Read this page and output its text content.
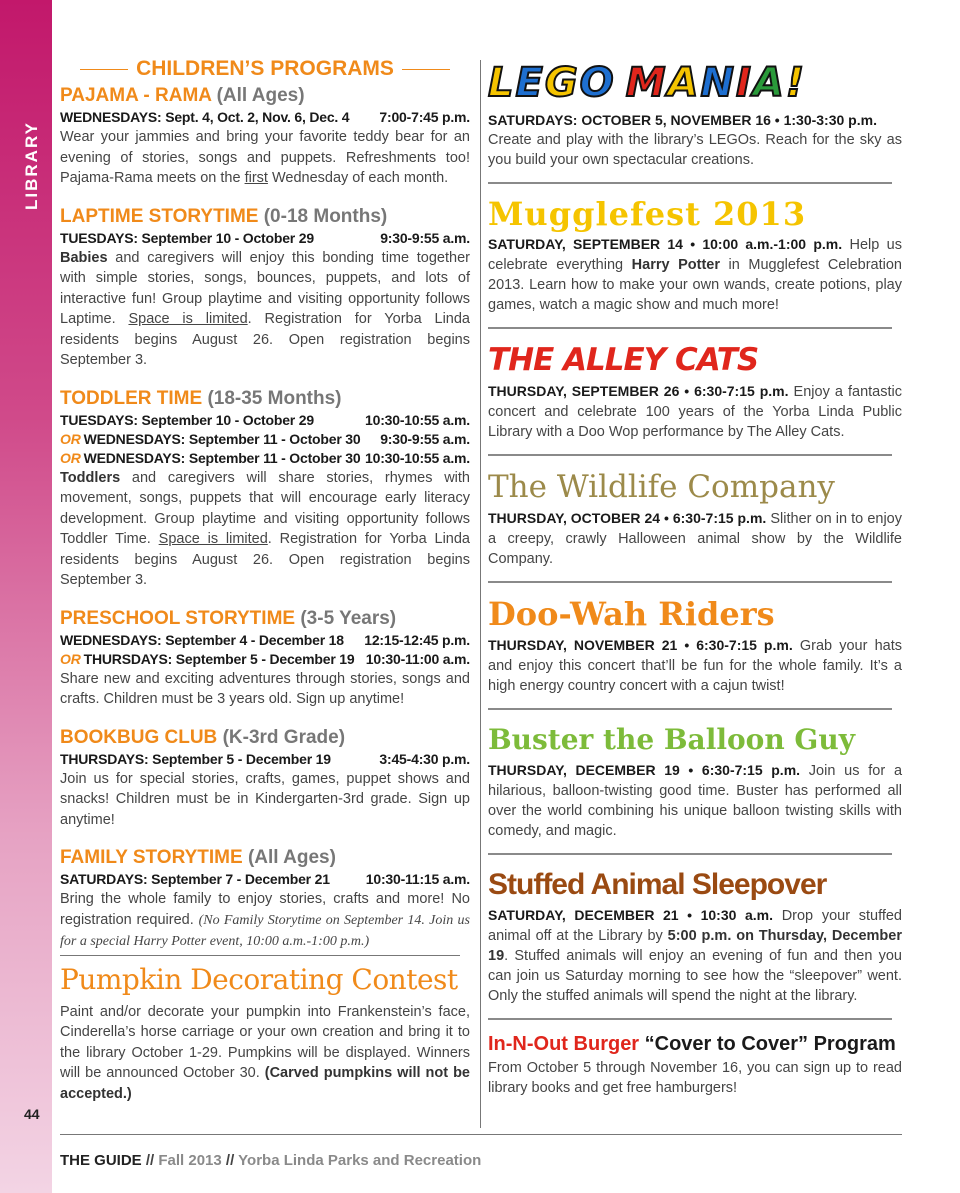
LIBRARY
44
CHILDREN’S PROGRAMS
PAJAMA - RAMA (All Ages)
WEDNESDAYS: Sept. 4, Oct. 2, Nov. 6, Dec. 4 7:00-7:45 p.m.
Wear your jammies and bring your favorite teddy bear for an evening of stories, songs and puppets. Refreshments too! Pajama-Rama meets on the first Wednesday of each month.
LAPTIME STORYTIME (0-18 Months)
TUESDAYS: September 10 - October 29	9:30-9:55 a.m.
Babies and caregivers will enjoy this bonding time together with simple stories, songs, bounces, puppets, and lots of interactive fun! Group playtime and visiting opportunity follows Laptime. Space is limited. Registration for Yorba Linda residents begins August 26. Open registration begins September 3.
TODDLER TIME (18-35 Months)
TUESDAYS: September 10 - October 29	10:30-10:55 a.m.
OR WEDNESDAYS: September 11 - October 30 9:30-9:55 a.m.
OR WEDNESDAYS: September 11 - October 30 10:30-10:55 a.m.
Toddlers and caregivers will share stories, rhymes with movement, songs, puppets that will encourage early literacy development. Group playtime and visiting opportunity follows Toddler Time. Space is limited. Registration for Yorba Linda residents begins August 26. Open registration begins September 3.
PRESCHOOL STORYTIME (3-5 Years)
WEDNESDAYS: September 4 - December 18 12:15-12:45 p.m.
OR THURSDAYS: September 5 - December 19 10:30-11:00 a.m.
Share new and exciting adventures through stories, songs and crafts. Children must be 3 years old. Sign up anytime!
BOOKBUG CLUB (K-3rd Grade)
THURSDAYS: September 5 - December 19	3:45-4:30 p.m.
Join us for special stories, crafts, games, puppet shows and snacks! Children must be in Kindergarten-3rd grade. Sign up anytime!
FAMILY STORYTIME (All Ages)
SATURDAYS: September 7 - December 21	10:30-11:15 a.m.
Bring the whole family to enjoy stories, crafts and more! No registration required. (No Family Storytime on September 14. Join us for a special Harry Potter event, 10:00 a.m.-1:00 p.m.)
Pumpkin Decorating Contest
Paint and/or decorate your pumpkin into Frankenstein’s face, Cinderella’s horse carriage or your own creation and bring it to the library October 1-29. Pumpkins will be displayed. Winners will be announced October 30. (Carved pumpkins will not be accepted.)
L E G O M A N I A !
SATURDAYS: OCTOBER 5, NOVEMBER 16 • 1:30-3:30 p.m.
Create and play with the library’s LEGOs. Reach for the sky as you build your own spectacular creations.
Mugglefest 2013
SATURDAY, SEPTEMBER 14 • 10:00 a.m.-1:00 p.m. Help us celebrate everything Harry Potter in Mugglefest Celebration 2013. Learn how to make your own wands, create potions, play games, watch a magic show and much more!
THE ALLEY CATS
THURSDAY, SEPTEMBER 26 • 6:30-7:15 p.m. Enjoy a fantastic concert and celebrate 100 years of the Yorba Linda Public Library with a Doo Wop performance by The Alley Cats.
The Wildlife Company
THURSDAY, OCTOBER 24 • 6:30-7:15 p.m. Slither on in to enjoy a creepy, crawly Halloween animal show by the Wildlife Company.
Doo-Wah Riders
THURSDAY, NOVEMBER 21 • 6:30-7:15 p.m. Grab your hats and enjoy this concert that’ll be fun for the whole family. It’s a high energy country concert with a cajun twist!
Buster the Balloon Guy
THURSDAY, DECEMBER 19 • 6:30-7:15 p.m. Join us for a hilarious, balloon-twisting good time. Buster has performed all over the world combining his unique balloon twisting skills with comedy, and magic.
Stuffed Animal Sleepover
SATURDAY, DECEMBER 21 • 10:30 a.m. Drop your stuffed animal off at the Library by 5:00 p.m. on Thursday, December 19. Stuffed animals will enjoy an evening of fun and then you can join us Saturday morning to see how the “sleepover” went. Only the stuffed animals will spend the night at the library.
In-N-Out Burger “Cover to Cover” Program
From October 5 through November 16, you can sign up to read library books and get free hamburgers!
THE GUIDE // Fall 2013 // Yorba Linda Parks and Recreation
